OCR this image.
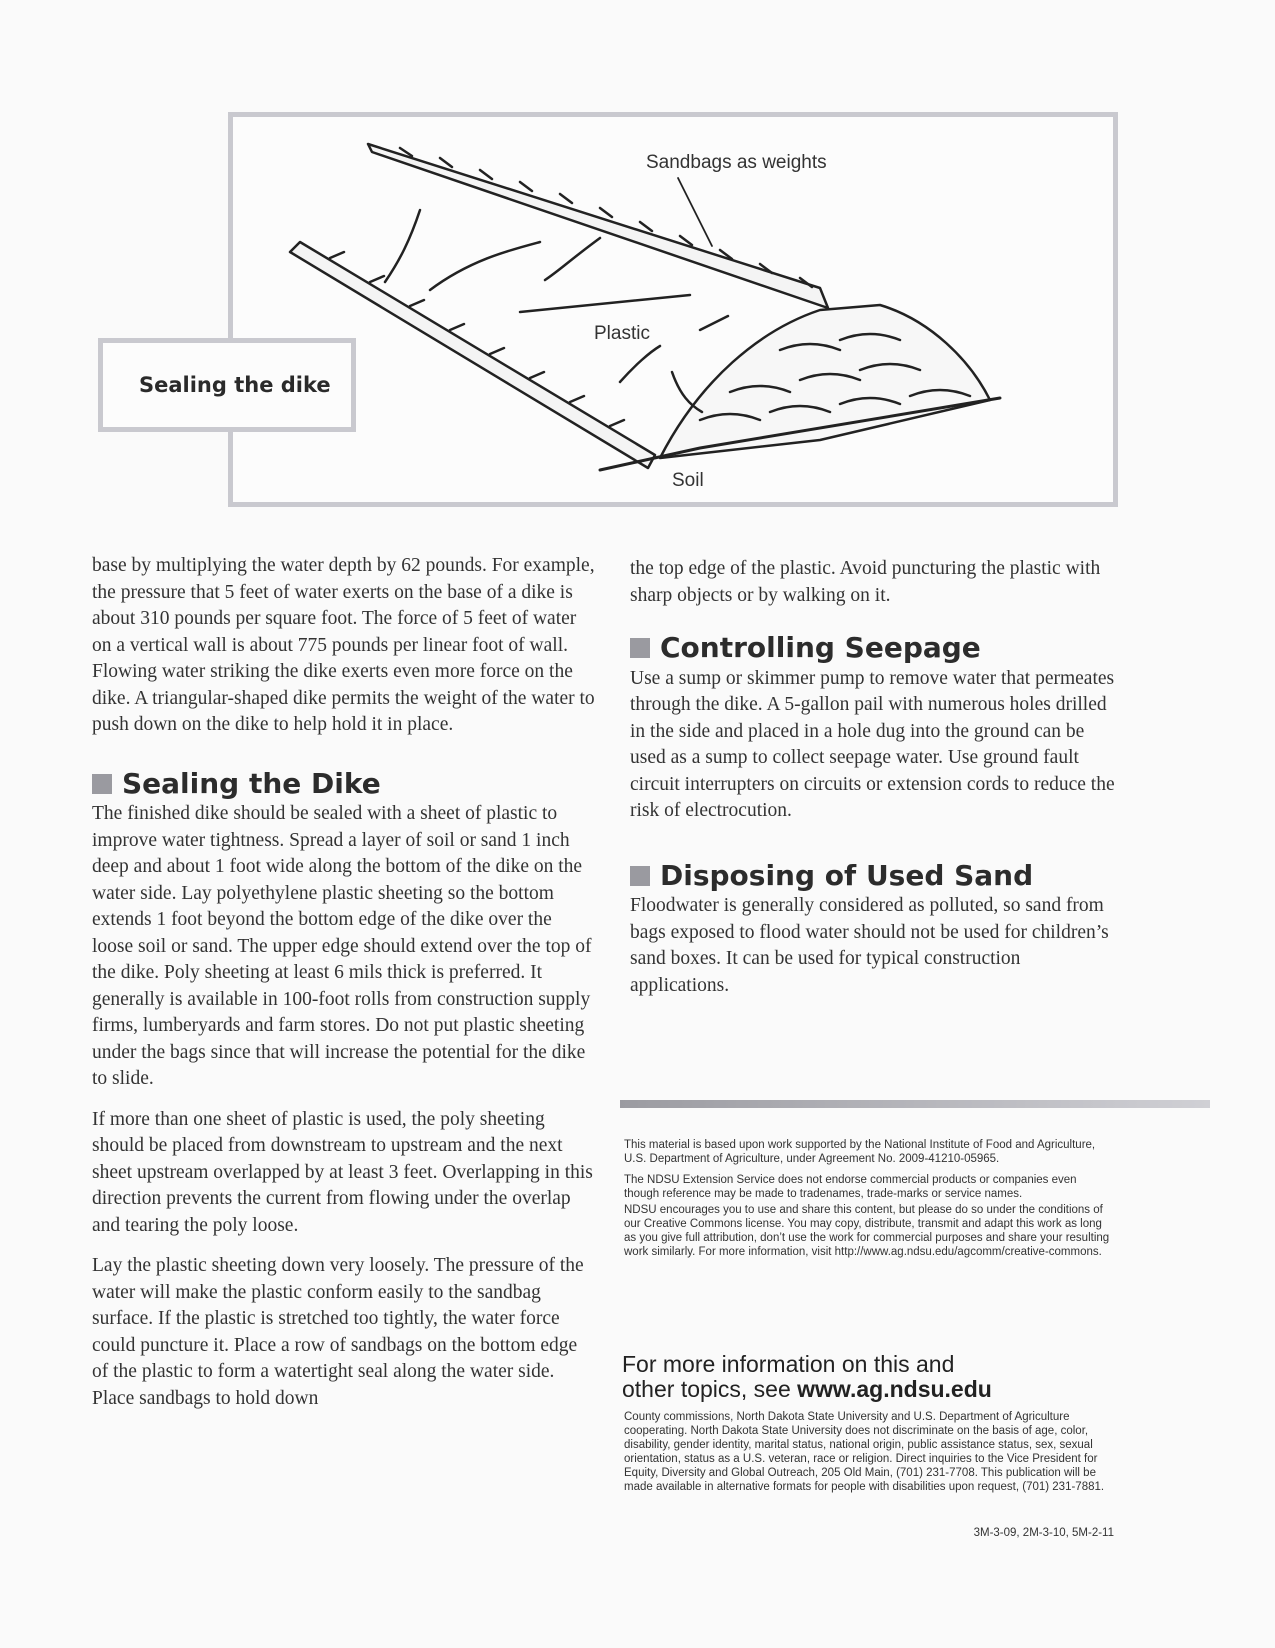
Sandbags as weights
Plastic
Soil
Sealing the dike

base by multiplying the water depth by 62 pounds. For example, the pressure that 5 feet of water exerts on the base of a dike is about 310 pounds per square foot. The force of 5 feet of water on a vertical wall is about 775 pounds per linear foot of wall. Flowing water striking the dike exerts even more force on the dike. A triangular-shaped dike permits the weight of the water to push down on the dike to help hold it in place.

Sealing the Dike

The finished dike should be sealed with a sheet of plastic to improve water tightness. Spread a layer of soil or sand 1 inch deep and about 1 foot wide along the bottom of the dike on the water side. Lay polyethylene plastic sheeting so the bottom extends 1 foot beyond the bottom edge of the dike over the loose soil or sand. The upper edge should extend over the top of the dike. Poly sheeting at least 6 mils thick is preferred. It generally is available in 100-foot rolls from construction supply firms, lumberyards and farm stores. Do not put plastic sheeting under the bags since that will increase the potential for the dike to slide.

If more than one sheet of plastic is used, the poly sheeting should be placed from downstream to upstream and the next sheet upstream overlapped by at least 3 feet. Overlapping in this direction prevents the current from flowing under the overlap and tearing the poly loose.

Lay the plastic sheeting down very loosely. The pressure of the water will make the plastic conform easily to the sandbag surface. If the plastic is stretched too tightly, the water force could puncture it. Place a row of sandbags on the bottom edge of the plastic to form a watertight seal along the water side. Place sandbags to hold down

the top edge of the plastic. Avoid puncturing the plastic with sharp objects or by walking on it.

Controlling Seepage

Use a sump or skimmer pump to remove water that permeates through the dike. A 5-gallon pail with numerous holes drilled in the side and placed in a hole dug into the ground can be used as a sump to collect seepage water. Use ground fault circuit interrupters on circuits or extension cords to reduce the risk of electrocution.

Disposing of Used Sand

Floodwater is generally considered as polluted, so sand from bags exposed to flood water should not be used for children’s sand boxes. It can be used for typical construction applications.

This material is based upon work supported by the National Institute of Food and Agriculture, U.S. Department of Agriculture, under Agreement No. 2009-41210-05965.

The NDSU Extension Service does not endorse commercial products or companies even though reference may be made to tradenames, trade-marks or service names.

NDSU encourages you to use and share this content, but please do so under the conditions of our Creative Commons license. You may copy, distribute, transmit and adapt this work as long as you give full attribution, don’t use the work for commercial purposes and share your resulting work similarly. For more information, visit http://www.ag.ndsu.edu/agcomm/creative-commons.

For more information on this and
other topics, see www.ag.ndsu.edu
County commissions, North Dakota State University and U.S. Department of Agriculture cooperating. North Dakota State University does not discriminate on the basis of age, color, disability, gender identity, marital status, national origin, public assistance status, sex, sexual orientation, status as a U.S. veteran, race or religion. Direct inquiries to the Vice President for Equity, Diversity and Global Outreach, 205 Old Main, (701) 231-7708. This publication will be made available in alternative formats for people with disabilities upon request, (701) 231-7881.
3M-3-09, 2M-3-10, 5M-2-11
